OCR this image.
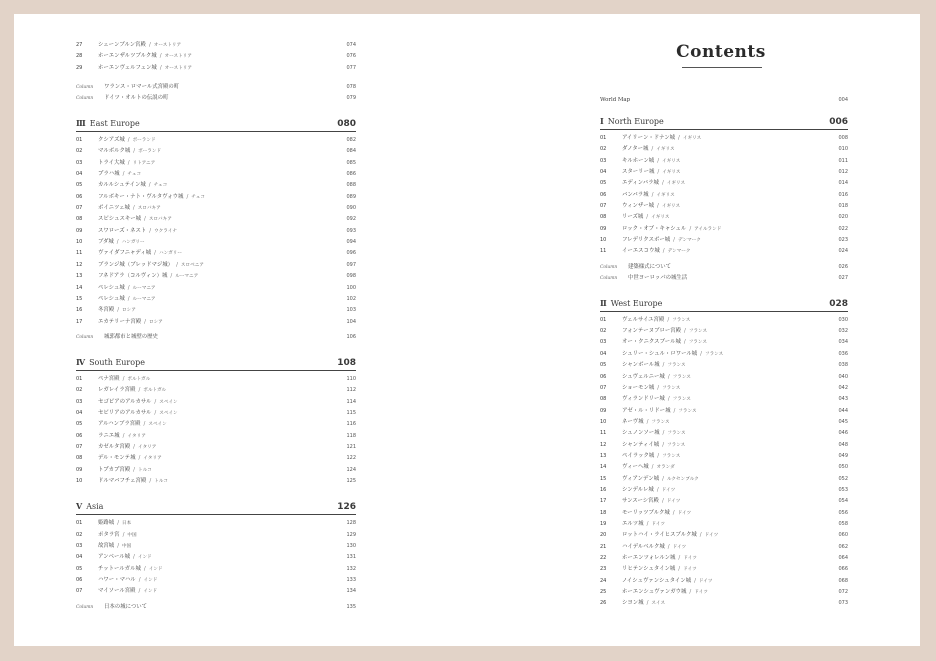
27	シェーンブルン宮殿 / オーストリア	074
28	ホーエンザルツブルク城 / オーストリア	076
29	ホーエンヴェルフェン城 / オーストリア	077
Column	ワランス・ロマール式宮殿の町	078
Column	ドイツ・オルトの伝説の町	079
Ⅲ East Europe	080
01	クシアズ城 / ポーランド	082
02	マルボルク城 / ポーランド	084
03	トライ大城 / リトアニア	085
04	プラハ城 / チェコ	086
05	カルルシュテイン城 / チェコ	088
06	フルボキー・ナト・ヴルタヴォウ城 / チェコ	089
07	ボイニツェ城 / スロバキア	090
08	スピシュスキー城 / スロバキア	092
09	スワローズ・ネスト / ウクライナ	093
10	ブダ城 / ハンガリー	094
11	ヴァイダフニャディ城 / ハンガリー	096
12	ブランジ城（ブレッドマジ城） / スロベニア	097
13	フネドアラ（コルヴィン）城 / ルーマニア	098
14	ペレシュ城 / ルーマニア	100
15	ペレシュ城 / ルーマニア	102
16	冬宮殿 / ロシア	103
17	エカテリーナ宮殿 / ロシア	104
Column	城郭都市と城壁の歴史	106
Ⅳ South Europe	108
01	ペナ宮殿 / ポルトガル	110
02	レガレイラ宮殿 / ポルトガル	112
03	セゴビアのアルカサル / スペイン	114
04	セビリアのアルカサル / スペイン	115
05	アルハンブラ宮殿 / スペイン	116
06	ラニエ城 / イタリア	118
07	カゼルタ宮殿 / イタリア	121
08	デル・モンテ城 / イタリア	122
09	トプカプ宮殿 / トルコ	124
10	ドルマバフチェ宮殿 / トルコ	125
Ⅴ Asia	126
01	姫路城 / 日本	128
02	ポタラ宮 / 中国	129
03	故宮城 / 中国	130
04	アンベール城 / インド	131
05	チットールガル城 / インド	132
06	ハワー・マハル / インド	133
07	マイソール宮殿 / インド	134
Column	日本の城について	135
Contents
World Map	004
Ⅰ North Europe	006
01	アイリーン・ドナン城 / イギリス	008
02	ダノター城 / イギリス	010
03	キルホーン城 / イギリス	011
04	スターリー城 / イギリス	012
05	エディンバラ城 / イギリス	014
06	バンバラ城 / イギリス	016
07	ウィンザー城 / イギリス	018
08	リーズ城 / イギリス	020
09	ロック・オブ・キャシェル / アイルランド	022
10	フレデリクスボー城 / デンマーク	023
11	イーエスコウ城 / デンマーク	024
Column	建築様式について	026
Column	中世ヨーロッパの城生活	027
Ⅱ West Europe	028
01	ヴェルサイユ宮殿 / フランス	030
02	フォンテーヌブロー宮殿 / フランス	032
03	オー・クニクスブール城 / フランス	034
04	シュリー・シュル・ロワール城 / フランス	036
05	シャンボール城 / フランス	038
06	シュヴェルニー城 / フランス	040
07	ショーモン城 / フランス	042
08	ヴィランドリー城 / フランス	043
09	アゼ・ル・リドー城 / フランス	044
10	ネーヴ城 / フランス	045
11	シュノンソー城 / フランス	046
12	シャンティイ城 / フランス	048
13	ペイラック城 / フランス	049
14	ヴィーヘ城 / オランダ	050
15	ヴィアンデン城 / ルクセンブルク	052
16	シンデルレ城 / ドイツ	053
17	サンスーシ宮殿 / ドイツ	054
18	モーリッツブルク城 / ドイツ	056
19	エルツ城 / ドイツ	058
20	ロットハイ・ライヒスブルク城 / ドイツ	060
21	ハイデルベルク城 / ドイツ	062
22	ホーエンツォレルン城 / ドイツ	064
23	リヒテンシュタイン城 / ドイツ	066
24	ノイシュヴァンシュタイン城 / ドイツ	068
25	ホーエンシュヴァンガウ城 / ドイツ	072
26	シヨン城 / スイス	073
